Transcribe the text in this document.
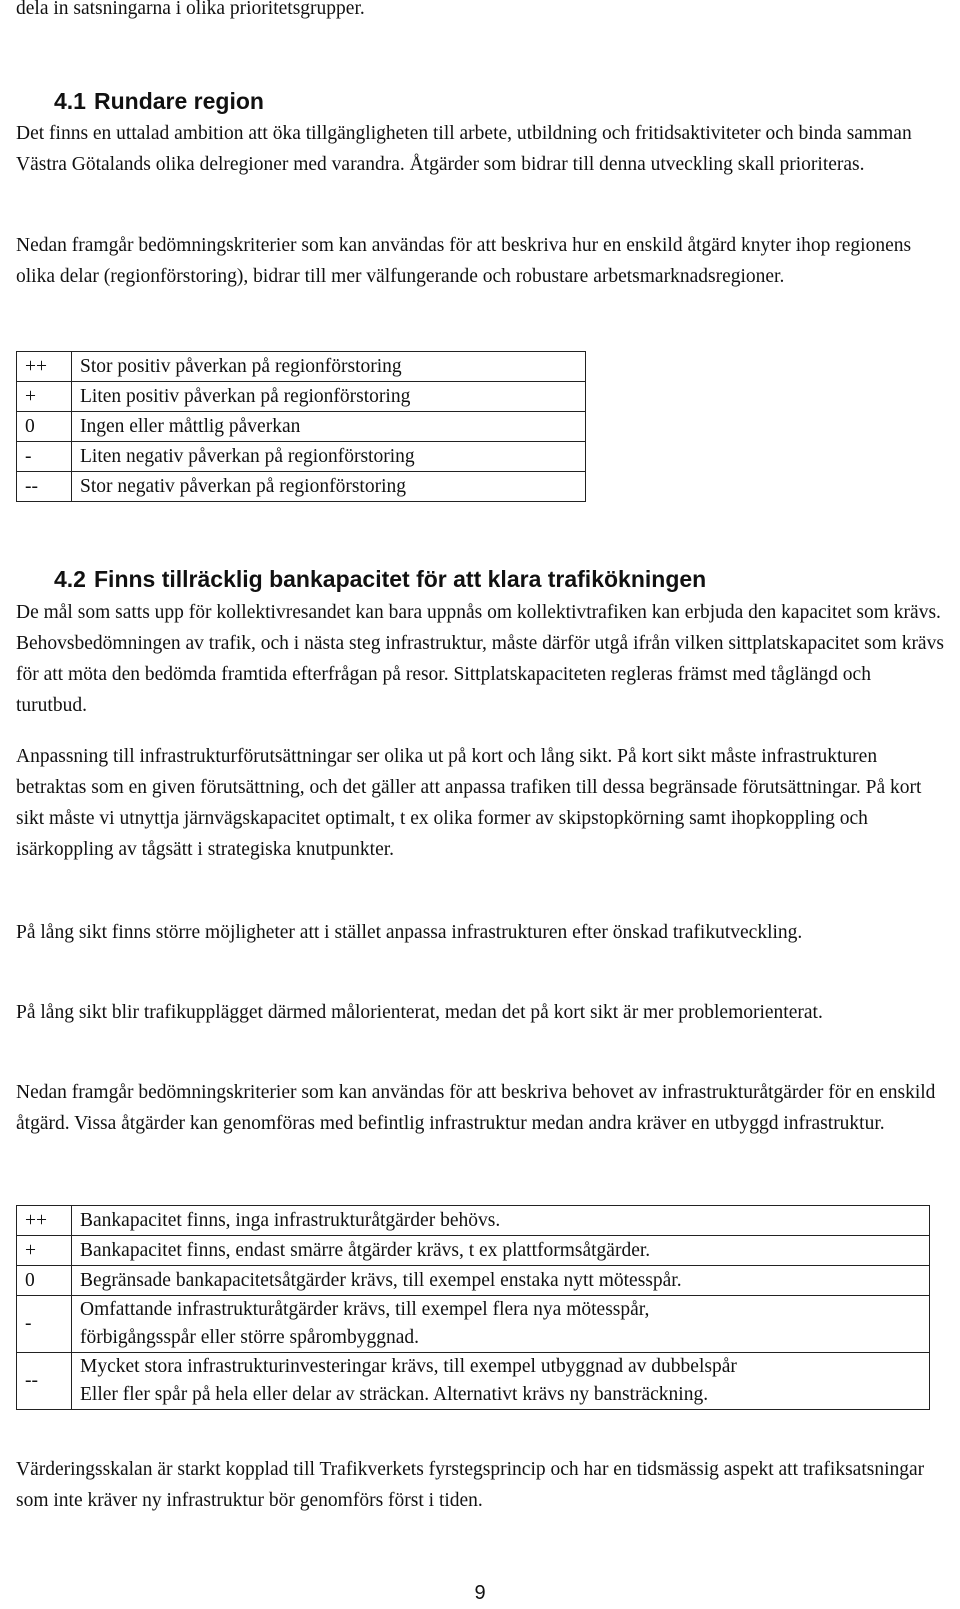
dela in satsningarna i olika prioritetsgrupper.

4.1 Rundare region

Det finns en uttalad ambition att öka tillgängligheten till arbete, utbildning och fritidsaktiviteter och binda samman Västra Götalands olika delregioner med varandra. Åtgärder som bidrar till denna utveckling skall prioriteras.

Nedan framgår bedömningskriterier som kan användas för att beskriva hur en enskild åtgärd knyter ihop regionens olika delar (regionförstoring), bidrar till mer välfungerande och robustare arbetsmarknadsregioner.

++	Stor positiv påverkan på regionförstoring
+	Liten positiv påverkan på regionförstoring
0	Ingen eller måttlig påverkan
-	Liten negativ påverkan på regionförstoring
--	Stor negativ påverkan på regionförstoring
4.2 Finns tillräcklig bankapacitet för att klara trafikökningen

De mål som satts upp för kollektivresandet kan bara uppnås om kollektivtrafiken kan erbjuda den kapacitet som krävs. Behovsbedömningen av trafik, och i nästa steg infrastruktur, måste därför utgå ifrån vilken sittplatskapacitet som krävs för att möta den bedömda framtida efterfrågan på resor. Sittplatskapaciteten regleras främst med tåglängd och turutbud.

Anpassning till infrastrukturförutsättningar ser olika ut på kort och lång sikt. På kort sikt måste infrastrukturen betraktas som en given förutsättning, och det gäller att anpassa trafiken till dessa begränsade förutsättningar. På kort sikt måste vi utnyttja järnvägskapacitet optimalt, t ex olika former av skipstopkörning samt ihopkoppling och isärkoppling av tågsätt i strategiska knutpunkter.

På lång sikt finns större möjligheter att i stället anpassa infrastrukturen efter önskad trafikutveckling.

På lång sikt blir trafikupplägget därmed målorienterat, medan det på kort sikt är mer problemorienterat.

Nedan framgår bedömningskriterier som kan användas för att beskriva behovet av infrastrukturåtgärder för en enskild åtgärd. Vissa åtgärder kan genomföras med befintlig infrastruktur medan andra kräver en utbyggd infrastruktur.

++	Bankapacitet finns, inga infrastrukturåtgärder behövs.
+	Bankapacitet finns, endast smärre åtgärder krävs, t ex plattformsåtgärder.
0	Begränsade bankapacitetsåtgärder krävs, till exempel enstaka nytt mötesspår.
-	Omfattande infrastrukturåtgärder krävs, till exempel flera nya mötesspår,
förbigångsspår eller större spårombyggnad.
--	Mycket stora infrastrukturinvesteringar krävs, till exempel utbyggnad av dubbelspår
Eller fler spår på hela eller delar av sträckan. Alternativt krävs ny bansträckning.

Värderingsskalan är starkt kopplad till Trafikverkets fyrstegsprincip och har en tidsmässig aspekt att trafiksatsningar som inte kräver ny infrastruktur bör genomförs först i tiden.

9
